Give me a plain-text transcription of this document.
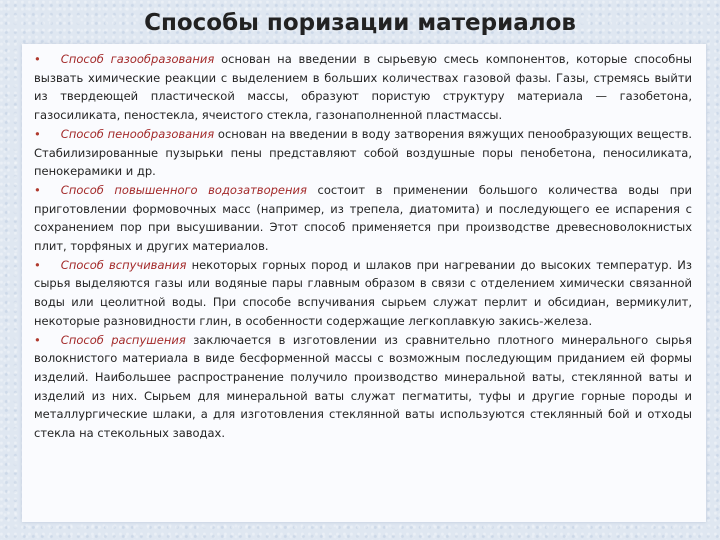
Способы поризации материалов

• Способ газообразования основан на введении в сырьевую смесь компонентов, которые способны вызвать химические реакции с выделением в больших количествах газовой фазы. Газы, стремясь выйти из твердеющей пластической массы, образуют пористую структуру материала — газобетона, газосиликата, пеностекла, ячеистого стекла, газонаполненной пластмассы.

• Способ пенообразования основан на введении в воду затворения вяжущих пенообразующих веществ. Стабилизированные пузырьки пены представляют собой воздушные поры пенобетона, пеносиликата, пенокерамики и др.

• Способ повышенного водозатворения состоит в применении большого количества воды при приготовлении формовочных масс (например, из трепела, диатомита) и последующего ее испарения с сохранением пор при высушивании. Этот способ применяется при производстве древесноволокнистых плит, торфяных и других материалов.

• Способ вспучивания некоторых горных пород и шлаков при нагревании до высоких температур. Из сырья выделяются газы или водяные пары главным образом в связи с отделением химически связанной воды или цеолитной воды. При способе вспучивания сырьем служат перлит и обсидиан, вермикулит, некоторые разновидности глин, в особенности содержащие легкоплавкую закись-железа.

• Способ распушения заключается в изготовлении из сравнительно плотного минерального сырья волокнистого материала в виде бесформенной массы с возможным последующим приданием ей формы изделий. Наибольшее распространение получило производство минеральной ваты, стеклянной ваты и изделий из них. Сырьем для минеральной ваты служат пегматиты, туфы и другие горные породы и металлургические шлаки, а для изготовления стеклянной ваты используются стеклянный бой и отходы стекла на стекольных заводах.
